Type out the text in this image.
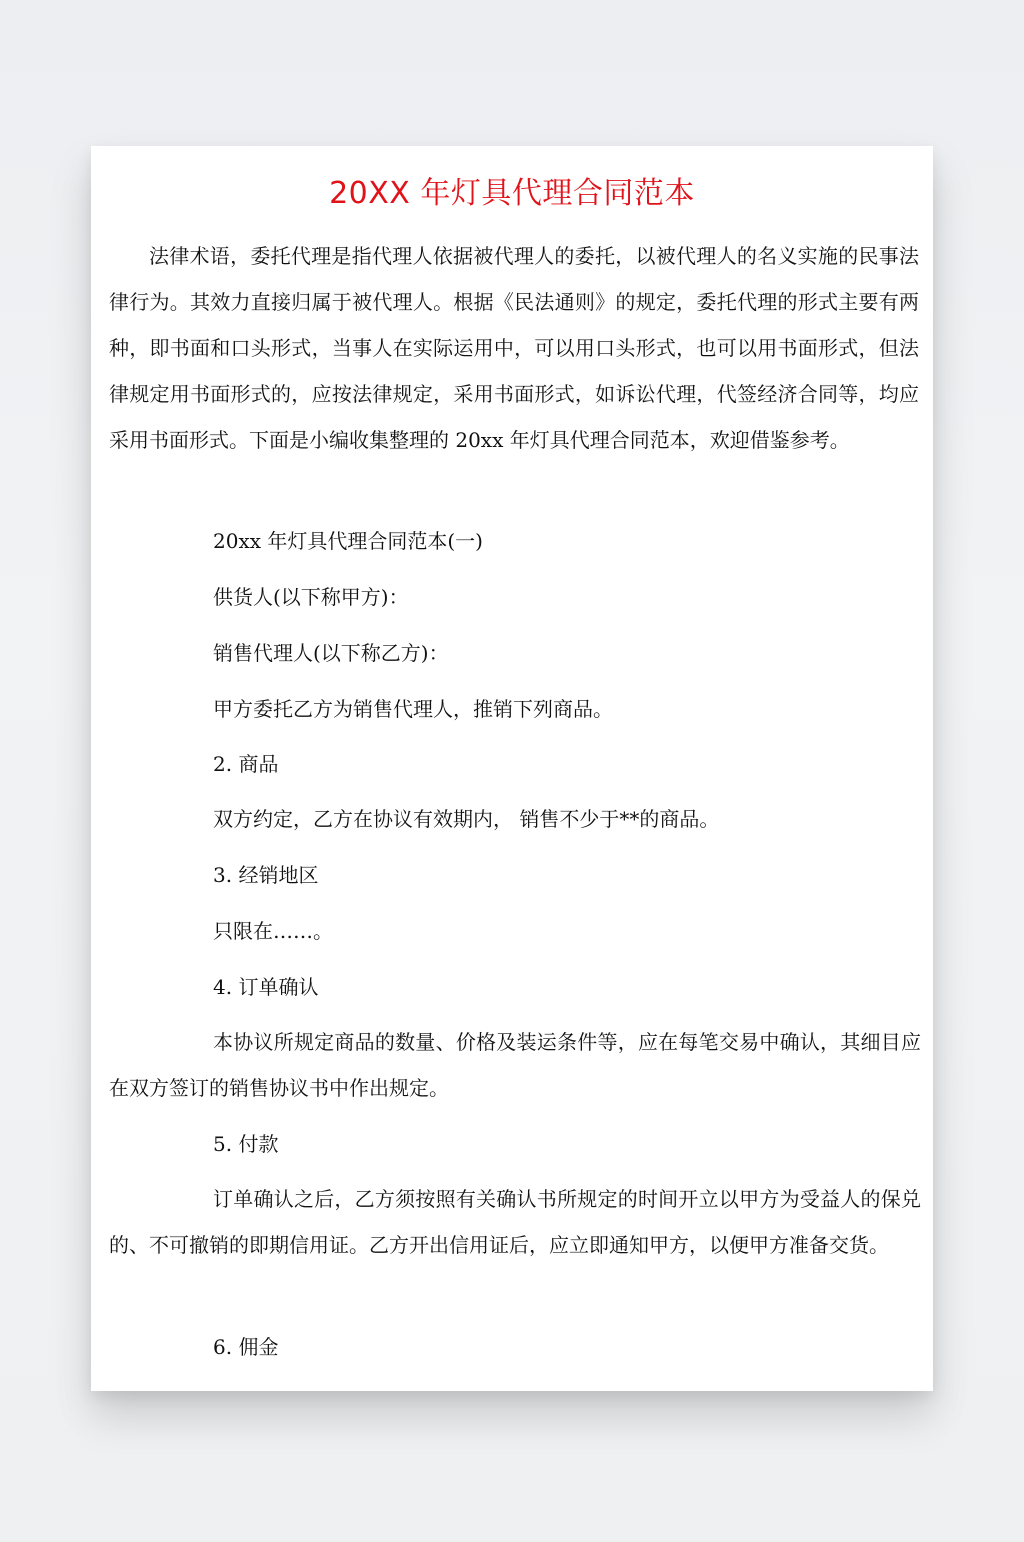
20XX 年灯具代理合同范本

法律术语，委托代理是指代理人依据被代理人的委托，以被代理人的名义实施的民事法律行为。其效力直接归属于被代理人。根据《民法通则》的规定，委托代理的形式主要有两种，即书面和口头形式，当事人在实际运用中，可以用口头形式，也可以用书面形式，但法律规定用书面形式的，应按法律规定，采用书面形式，如诉讼代理，代签经济合同等，均应采用书面形式。下面是小编收集整理的 20xx 年灯具代理合同范本，欢迎借鉴参考。

20xx 年灯具代理合同范本(一)

供货人(以下称甲方)：

销售代理人(以下称乙方)：

甲方委托乙方为销售代理人，推销下列商品。

2. 商品

双方约定，乙方在协议有效期内， 销售不少于**的商品。

3. 经销地区

只限在……。

4. 订单确认

本协议所规定商品的数量、价格及装运条件等，应在每笔交易中确认，其细目应在双方签订的销售协议书中作出规定。

5. 付款

订单确认之后，乙方须按照有关确认书所规定的时间开立以甲方为受益人的保兑的、不可撤销的即期信用证。乙方开出信用证后，应立即通知甲方，以便甲方准备交货。

6. 佣金
